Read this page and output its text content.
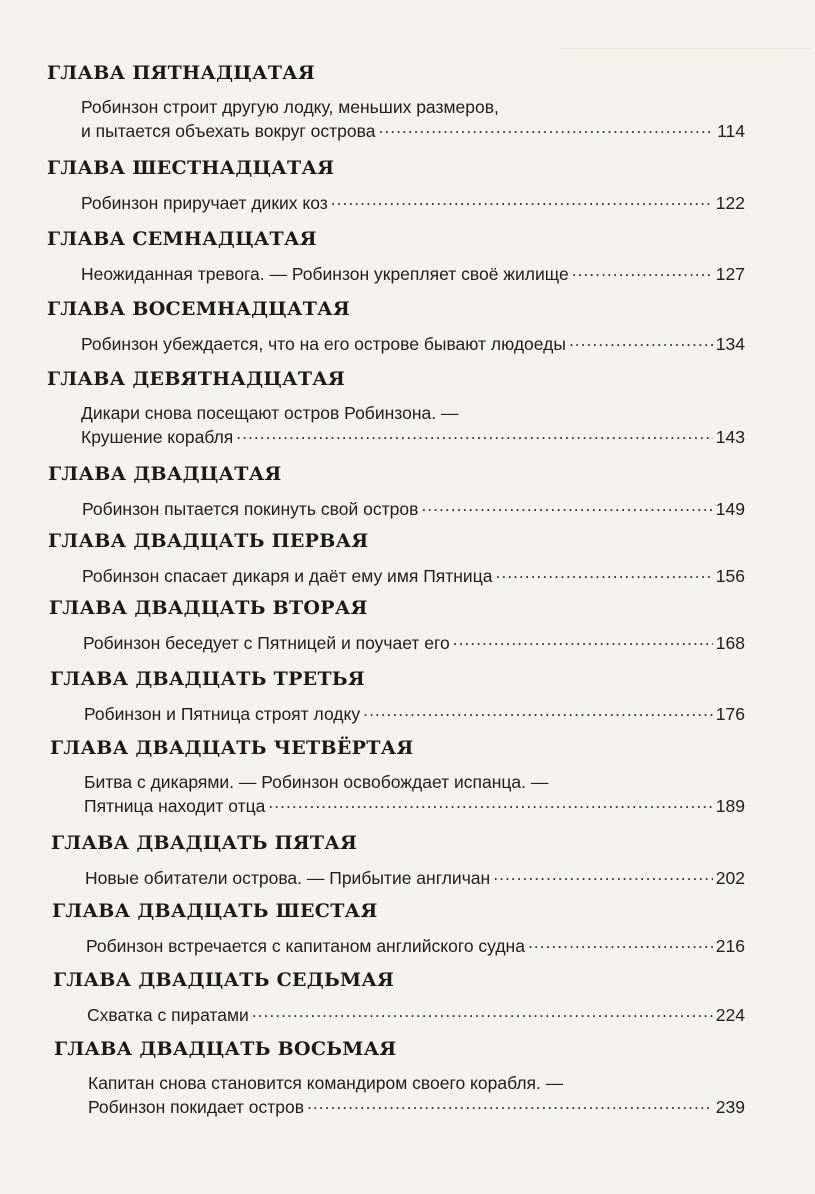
ГЛАВА ПЯТНАДЦАТАЯ
Робинзон строит другую лодку, меньших размеров,
и пытается объехать вокруг острова .....	114
ГЛАВА ШЕСТНАДЦАТАЯ
Робинзон приручает диких коз .....	122
ГЛАВА СЕМНАДЦАТАЯ
Неожиданная тревога. — Робинзон укрепляет своё жилище .....	127
ГЛАВА ВОСЕМНАДЦАТАЯ
Робинзон убеждается, что на его острове бывают людоеды .....	134
ГЛАВА ДЕВЯТНАДЦАТАЯ
Дикари снова посещают остров Робинзона. —
Крушение корабля .....	143
ГЛАВА ДВАДЦАТАЯ
Робинзон пытается покинуть свой остров .....	149
ГЛАВА ДВАДЦАТЬ ПЕРВАЯ
Робинзон спасает дикаря и даёт ему имя Пятница .....	156
ГЛАВА ДВАДЦАТЬ ВТОРАЯ
Робинзон беседует с Пятницей и поучает его .....	168
ГЛАВА ДВАДЦАТЬ ТРЕТЬЯ
Робинзон и Пятница строят лодку .....	176
ГЛАВА ДВАДЦАТЬ ЧЕТВЁРТАЯ
Битва с дикарями. — Робинзон освобождает испанца. —
Пятница находит отца .....	189
ГЛАВА ДВАДЦАТЬ ПЯТАЯ
Новые обитатели острова. — Прибытие англичан .....	202
ГЛАВА ДВАДЦАТЬ ШЕСТАЯ
Робинзон встречается с капитаном английского судна .....	216
ГЛАВА ДВАДЦАТЬ СЕДЬМАЯ
Схватка с пиратами .....	224
ГЛАВА ДВАДЦАТЬ ВОСЬМАЯ
Капитан снова становится командиром своего корабля. —
Робинзон покидает остров .....	239
